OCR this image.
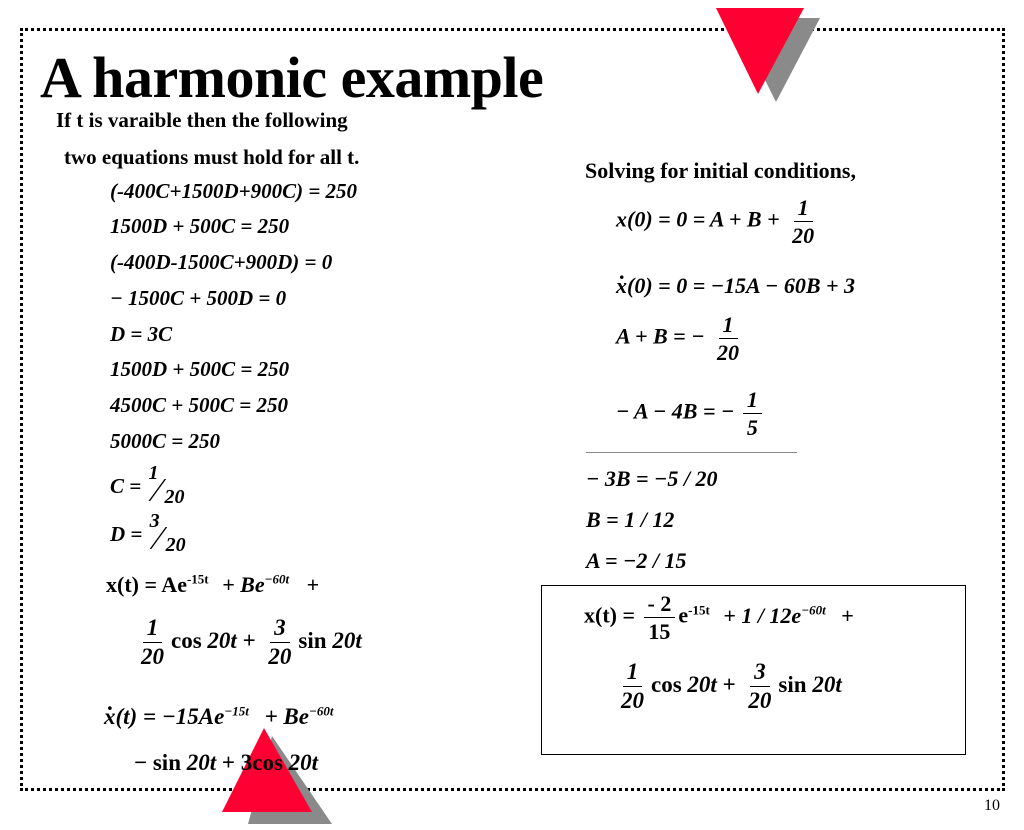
A harmonic example
If t is varaible then the following
two equations must hold for all t.
(-400C+1500D+900C) = 250
1500D + 500C = 250
(-400D-1500C+900D) = 0
− 1500C + 500D = 0
D = 3C
1500D + 500C = 250
4500C + 500C = 250
5000C = 250
C =
1
⁄ 20
D =
3
⁄ 20
$x(t) = Ae^{-15t} + Be^{-60t}$ +
$\frac{1}{20}$ $\cos 20t + \frac{3}{20}$ sin 20t
. $x(t) = -15Ae^{-15t} + Be^{-60t}$
− sin 20t + 3cos 20t
Solving for initial conditions,
$x(0) = 0 = A + B + \frac{1}{20}$
. x(0) = 0 = −15A − 60B + 3
A + B = − $\frac{1}{20}$
− A − 4B = − $\frac{1}{5}$
− 3B = −5 / 20
B = 1 / 12
A = −2 / 15
$x(t) = \frac{- 2}{15} e^{-15t} + 1 / 12e^{-60t}$ +
$\frac{1}{20}$ $\cos 20t + \frac{3}{20}$ sin 20t
10
